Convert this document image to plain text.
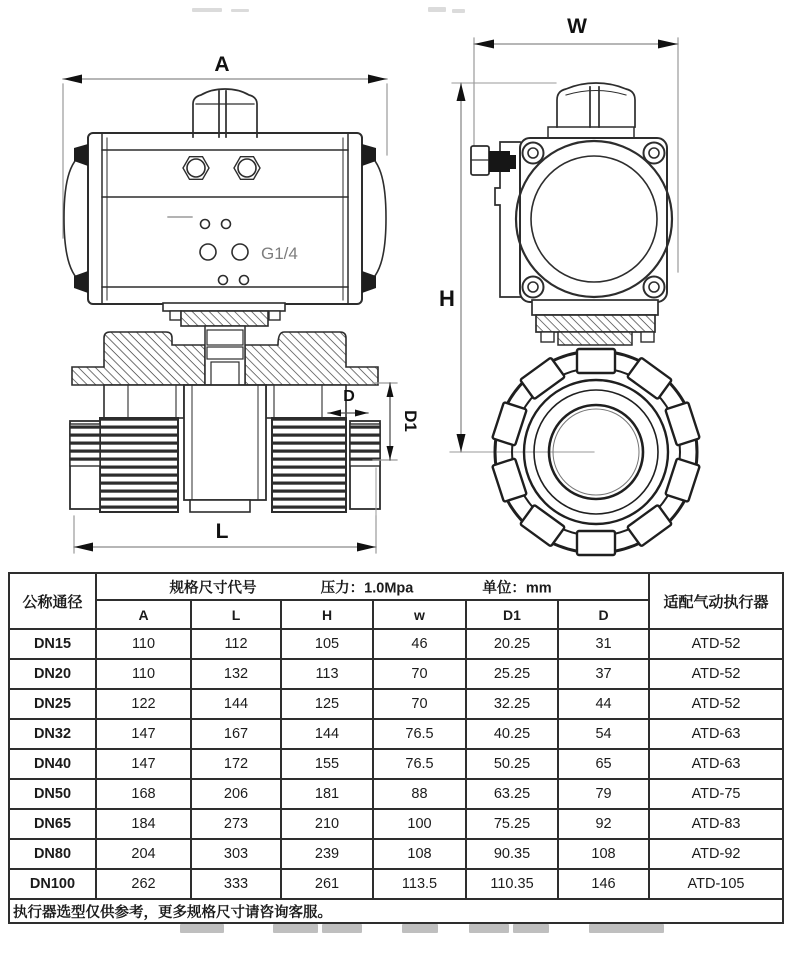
A
G1/4
D
D1
L
W
H
公称通径	规格尺寸代号 压力：1.0Mpa 单位：mm						适配气动执行器
	A	L	H	w	D1	D	
DN15	110	112	105	46	20.25	31	ATD-52
DN20	110	132	113	70	25.25	37	ATD-52
DN25	122	144	125	70	32.25	44	ATD-52
DN32	147	167	144	76.5	40.25	54	ATD-63
DN40	147	172	155	76.5	50.25	65	ATD-63
DN50	168	206	181	88	63.25	79	ATD-75
DN65	184	273	210	100	75.25	92	ATD-83
DN80	204	303	239	108	90.35	108	ATD-92
DN100	262	333	261	113.5	110.35	146	ATD-105
执行器选型仅供参考，更多规格尺寸请咨询客服。							
